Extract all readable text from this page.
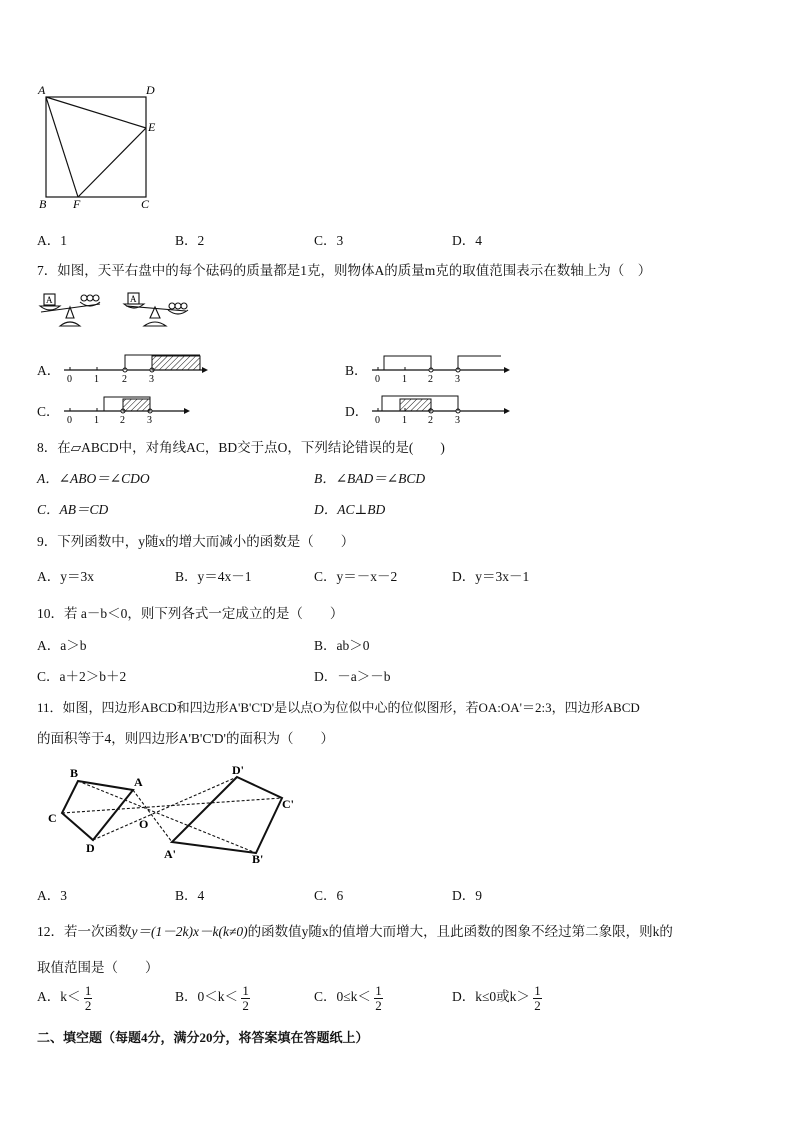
A	D
E
B F	C
A．1	B．2	C．3	D．4
7．如图，天平右盘中的每个砝码的质量都是1克，则物体A的质量m克的取值范围表示在数轴上为（　）
A	A
A．
0 1 2 3
B．
0 1 2 3
C．
0 1 2 3
D．
0 1 2 3
8．在▱ABCD中，对角线AC，BD交于点O，下列结论错误的是(　　)
A．∠ABO＝∠CDO	B．∠BAD＝∠BCD
C．AB＝CD	D．AC⊥BD
9．下列函数中，y随x的增大而减小的函数是（　　）
A．y＝3x	B．y＝4x－1	C．y＝－x－2	D．y＝3x－1
10．若 a－b＜0，则下列各式一定成立的是（　　）
A．a＞b	B．ab＞0
C．a＋2＞b＋2	D．－a＞－b
11．如图，四边形ABCD和四边形A'B'C'D'是以点O为位似中心的位似图形，若OA:OA'＝2:3，四边形ABCD
的面积等于4，则四边形A'B'C'D'的面积为（　　）
B
A
C	O
D
D'
C'
A'	B'
A．3	B．4	C．6	D．9
12．若一次函数y＝(1－2k)x－k(k≠0)的函数值y随x的值增大而增大，且此函数的图象不经过第二象限，则k的
取值范围是（　　）
A．$k< \frac{1}{2}$	B．$0<k< \frac{1}{2}$	C．$0\le k< \frac{1}{2}$	D．k≤0或$k> \frac{1}{2}$
二、填空题（每题4分，满分20分，将答案填在答题纸上）
